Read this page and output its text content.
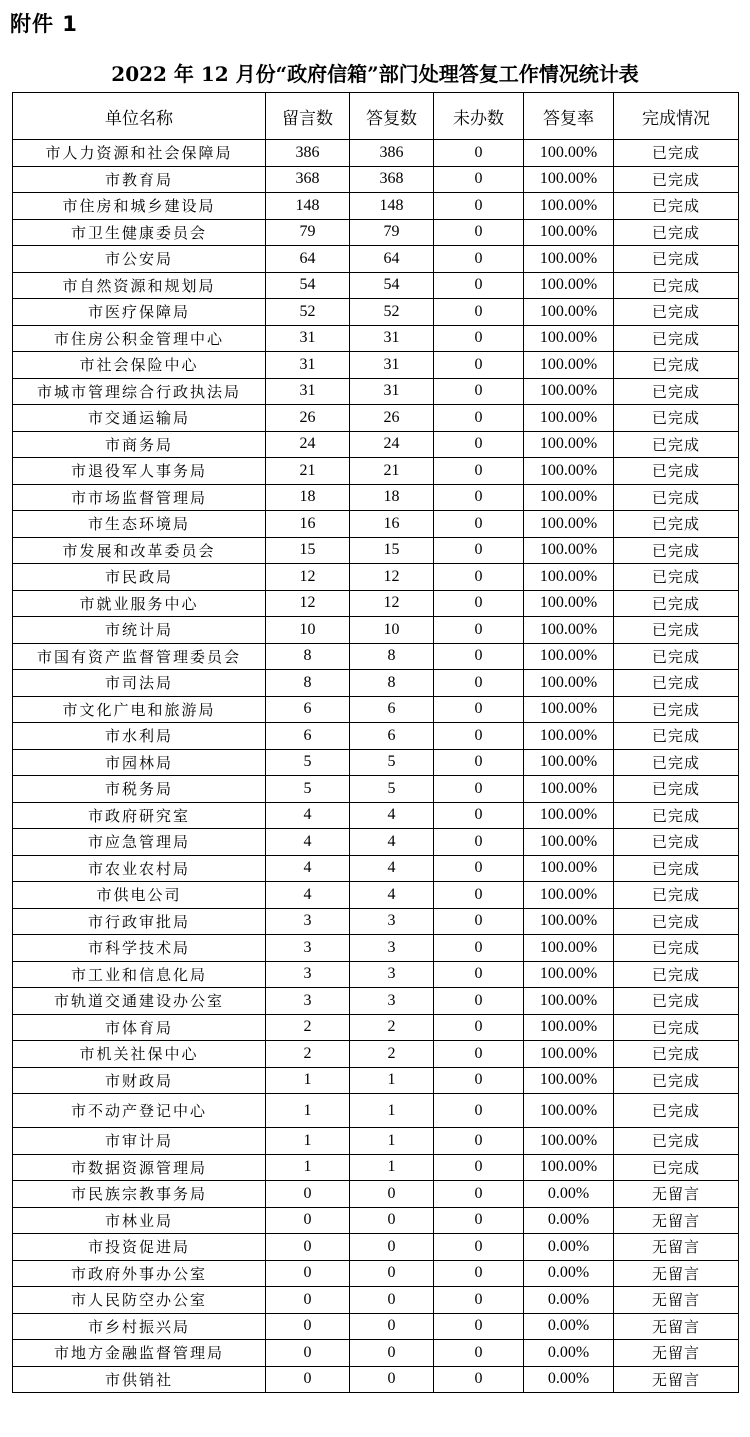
附件 1
2022 年 12 月份“政府信箱”部门处理答复工作情况统计表
单位名称	留言数	答复数	未办数	答复率	完成情况
市人力资源和社会保障局	386	386	0	100.00%	已完成
市教育局	368	368	0	100.00%	已完成
市住房和城乡建设局	148	148	0	100.00%	已完成
市卫生健康委员会	79	79	0	100.00%	已完成
市公安局	64	64	0	100.00%	已完成
市自然资源和规划局	54	54	0	100.00%	已完成
市医疗保障局	52	52	0	100.00%	已完成
市住房公积金管理中心	31	31	0	100.00%	已完成
市社会保险中心	31	31	0	100.00%	已完成
市城市管理综合行政执法局	31	31	0	100.00%	已完成
市交通运输局	26	26	0	100.00%	已完成
市商务局	24	24	0	100.00%	已完成
市退役军人事务局	21	21	0	100.00%	已完成
市市场监督管理局	18	18	0	100.00%	已完成
市生态环境局	16	16	0	100.00%	已完成
市发展和改革委员会	15	15	0	100.00%	已完成
市民政局	12	12	0	100.00%	已完成
市就业服务中心	12	12	0	100.00%	已完成
市统计局	10	10	0	100.00%	已完成
市国有资产监督管理委员会	8	8	0	100.00%	已完成
市司法局	8	8	0	100.00%	已完成
市文化广电和旅游局	6	6	0	100.00%	已完成
市水利局	6	6	0	100.00%	已完成
市园林局	5	5	0	100.00%	已完成
市税务局	5	5	0	100.00%	已完成
市政府研究室	4	4	0	100.00%	已完成
市应急管理局	4	4	0	100.00%	已完成
市农业农村局	4	4	0	100.00%	已完成
市供电公司	4	4	0	100.00%	已完成
市行政审批局	3	3	0	100.00%	已完成
市科学技术局	3	3	0	100.00%	已完成
市工业和信息化局	3	3	0	100.00%	已完成
市轨道交通建设办公室	3	3	0	100.00%	已完成
市体育局	2	2	0	100.00%	已完成
市机关社保中心	2	2	0	100.00%	已完成
市财政局	1	1	0	100.00%	已完成
市不动产登记中心	1	1	0	100.00%	已完成
市审计局	1	1	0	100.00%	已完成
市数据资源管理局	1	1	0	100.00%	已完成
市民族宗教事务局	0	0	0	0.00%	无留言
市林业局	0	0	0	0.00%	无留言
市投资促进局	0	0	0	0.00%	无留言
市政府外事办公室	0	0	0	0.00%	无留言
市人民防空办公室	0	0	0	0.00%	无留言
市乡村振兴局	0	0	0	0.00%	无留言
市地方金融监督管理局	0	0	0	0.00%	无留言
市供销社	0	0	0	0.00%	无留言
